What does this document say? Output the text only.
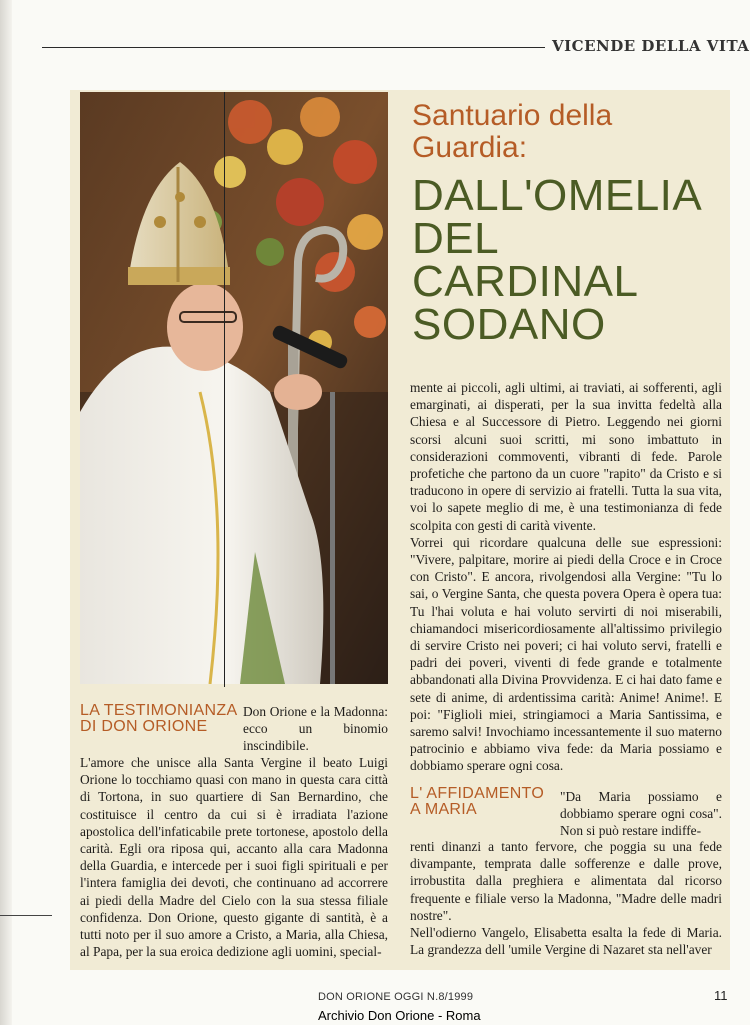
VICENDE DELLA VITA

Santuario della Guardia:

DALL'OMELIA
DEL
CARDINAL
SODANO

mente ai piccoli, agli ultimi, ai traviati, ai sofferenti, agli emarginati, ai disperati, per la sua invitta fedeltà alla Chiesa e al Successore di Pietro. Leggendo nei giorni scorsi alcuni suoi scritti, mi sono imbattuto in considerazioni commoventi, vibranti di fede. Parole profetiche che partono da un cuore "rapito" da Cristo e si traducono in opere di servizio ai fratelli. Tutta la sua vita, voi lo sapete meglio di me, è una testimonianza di fede scolpita con gesti di carità vivente.

Vorrei qui ricordare qualcuna delle sue espressioni: "Vivere, palpitare, morire ai piedi della Croce e in Croce con Cristo". E ancora, rivolgendosi alla Vergine: "Tu lo sai, o Vergine Santa, che questa povera Opera è opera tua: Tu l'hai voluta e hai voluto servirti di noi miserabili, chiamandoci misericordiosamente all'altissimo privilegio di servire Cristo nei poveri; ci hai voluto servi, fratelli e padri dei poveri, viventi di fede grande e totalmente abbandonati alla Divina Provvidenza. E ci hai dato fame e sete di anime, di ardentissima carità: Anime! Anime!. E poi: "Figlioli miei, stringiamoci a Maria Santissima, e saremo salvi! Invochiamo incessantemente il suo materno patrocinio e abbiamo viva fede: da Maria possiamo e dobbiamo sperare ogni cosa.

LA TESTIMONIANZA DI DON ORIONE
Don Orione e la Madonna: ecco un binomio inscindibile.
L'amore che unisce alla Santa Vergine il beato Luigi Orione lo tocchiamo quasi con mano in questa cara città di Tortona, in suo quartiere di San Bernardino, che costituisce il centro da cui si è irradiata l'azione apostolica dell'infaticabile prete tortonese, apostolo della carità. Egli ora riposa qui, accanto alla cara Madonna della Guardia, e intercede per i suoi figli spirituali e per l'intera famiglia dei devoti, che continuano ad accorrere ai piedi della Madre del Cielo con la sua stessa filiale confidenza. Don Orione, questo gigante di santità, è a tutti noto per il suo amore a Cristo, a Maria, alla Chiesa, al Papa, per la sua eroica dedizione agli uomini, special-
L' AFFIDAMENTO A MARIA
"Da Maria possiamo e dobbiamo sperare ogni cosa". Non si può restare indiffe-

renti dinanzi a tanto fervore, che poggia su una fede divampante, temprata dalle sofferenze e dalle prove, irrobustita dalla preghiera e alimentata dal ricorso frequente e filiale verso la Madonna, "Madre delle madri nostre".

Nell'odierno Vangelo, Elisabetta esalta la fede di Maria. La grandezza dell 'umile Vergine di Nazaret sta nell'aver

DON ORIONE OGGI N.8/1999	11
Archivio Don Orione - Roma
